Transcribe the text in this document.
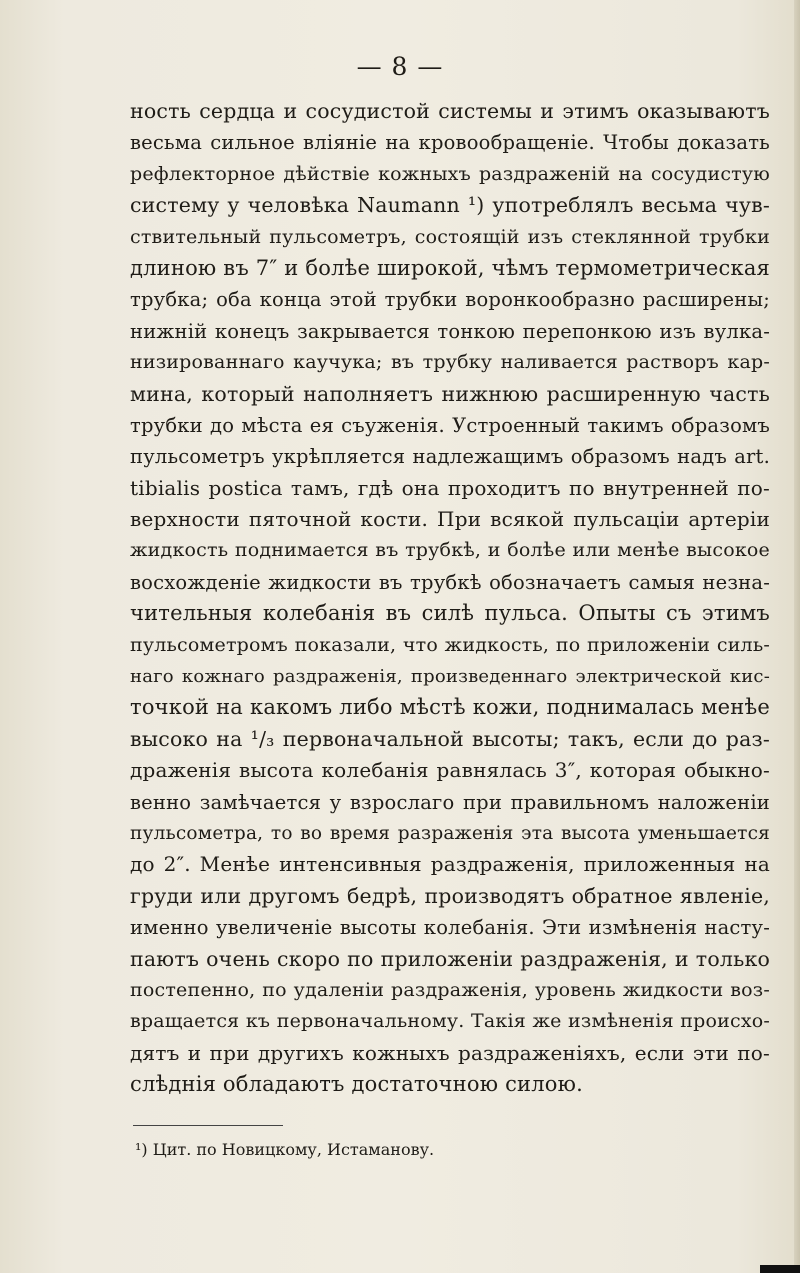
— 8 —
ность сердца и сосудистой системы и этимъ оказываютъ
весьма сильное вліяніе на кровообращеніе. Чтобы доказать
рефлекторное дѣйствіе кожныхъ раздраженій на сосудистую
систему у человѣка Naumann ¹) употреблялъ весьма чув-
ствительный пульсометръ, состоящій изъ стеклянной трубки
длиною въ 7″ и болѣе широкой, чѣмъ термометрическая
трубка; оба конца этой трубки воронкообразно расширены;
нижній конецъ закрывается тонкою перепонкою изъ вулка-
низированнаго каучука; въ трубку наливается растворъ кар-
мина, который наполняетъ нижнюю расширенную часть
трубки до мѣста ея съуженія. Устроенный такимъ образомъ
пульсометръ укрѣпляется надлежащимъ образомъ надъ art.
tibialis postica тамъ, гдѣ она проходитъ по внутренней по-
верхности пяточной кости. При всякой пульсаціи артеріи
жидкость поднимается въ трубкѣ, и болѣе или менѣе высокое
восхожденіе жидкости въ трубкѣ обозначаетъ самыя незна-
чительныя колебанія въ силѣ пульса. Опыты съ этимъ
пульсометромъ показали, что жидкость, по приложеніи силь-
наго кожнаго раздраженія, произведеннаго электрической кис-
точкой на какомъ либо мѣстѣ кожи, поднималась менѣе
высоко на ¹/₃ первоначальной высоты; такъ, если до раз-
драженія высота колебанія равнялась 3″, которая обыкно-
венно замѣчается у взрослаго при правильномъ наложеніи
пульсометра, то во время разраженія эта высота уменьшается
до 2″. Менѣе интенсивныя раздраженія, приложенныя на
груди или другомъ бедрѣ, производятъ обратное явленіе,
именно увеличеніе высоты колебанія. Эти измѣненія насту-
паютъ очень скоро по приложеніи раздраженія, и только
постепенно, по удаленіи раздраженія, уровень жидкости воз-
вращается къ первоначальному. Такія же измѣненія происхо-
дятъ и при другихъ кожныхъ раздраженіяхъ, если эти по-
слѣднія обладаютъ достаточною силою.
¹) Цит. по Новицкому, Истаманову.
